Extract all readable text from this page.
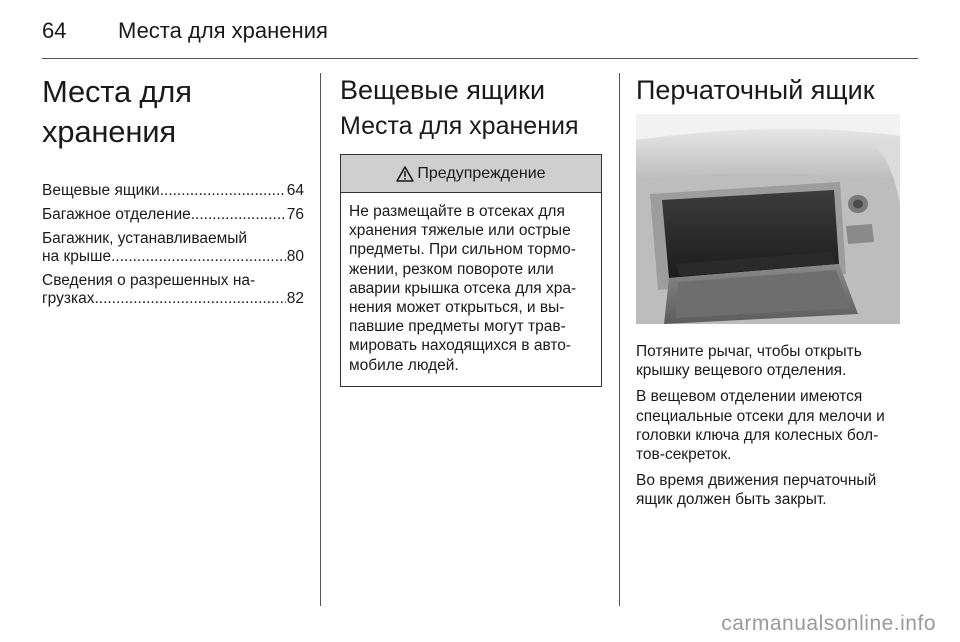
64 Места для хранения
Места для хранения
Вещевые ящики .....	64
Багажное отделение .....	76
Багажник, устанавливаемый
на крыше .....	80
Сведения о разрешенных на-
грузках .....	82
Вещевые ящики
Места для хранения
Предупреждение
Не размещайте в отсеках для
хранения тяжелые или острые
предметы. При сильном тормо-
жении, резком повороте или
аварии крышка отсека для хра-
нения может открыться, и вы-
павшие предметы могут трав-
мировать находящихся в авто-
мобиле людей.
Перчаточный ящик

Потяните рычаг, чтобы открыть
крышку вещевого отделения.

В вещевом отделении имеются
специальные отсеки для мелочи и
головки ключа для колесных бол-
тов-секреток.

Во время движения перчаточный
ящик должен быть закрыт.

carmanualsonline.info
